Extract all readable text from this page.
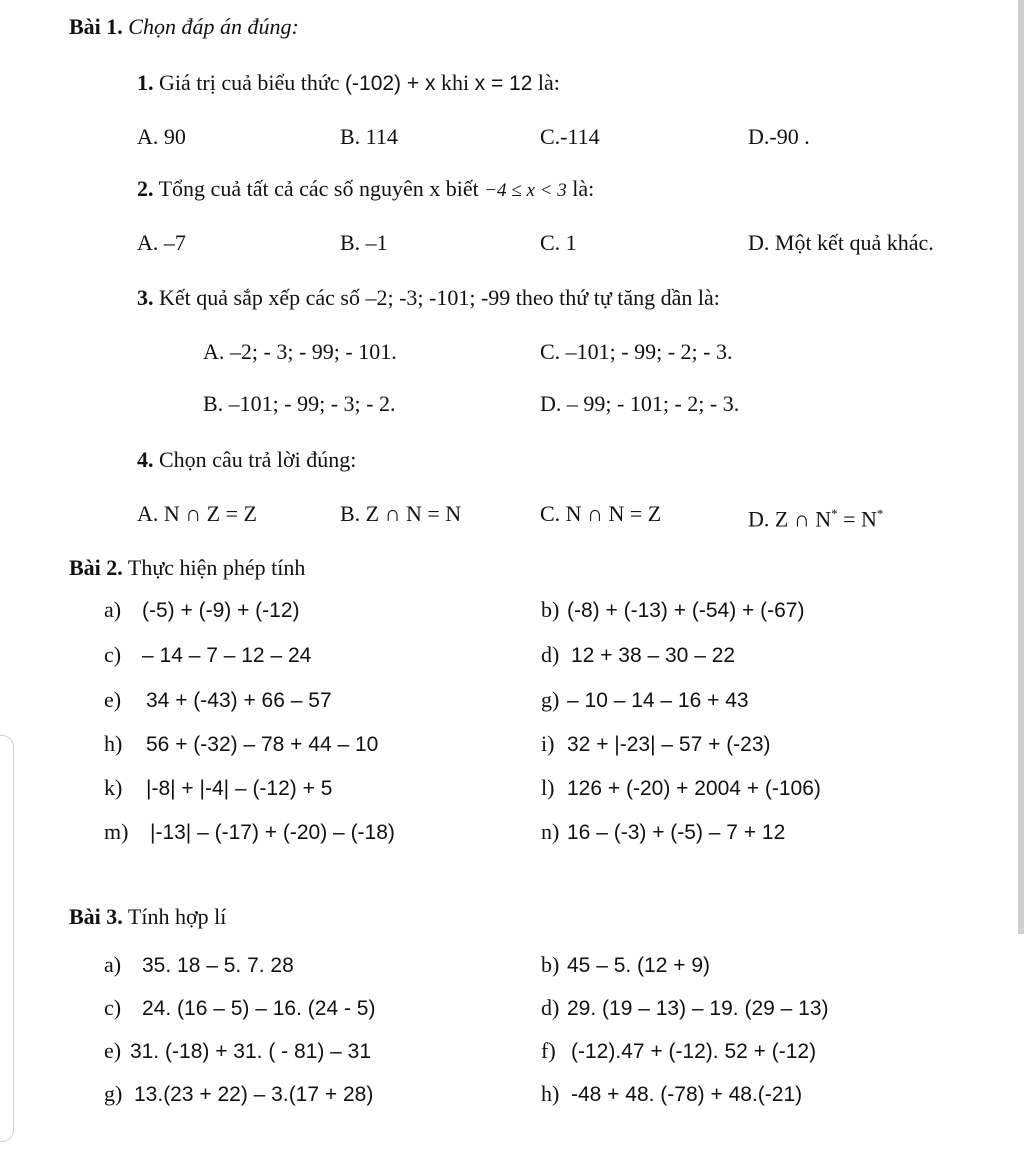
Bài 1. Chọn đáp án đúng:
1. Giá trị cuả biểu thức (-102) + x khi x = 12 là:
A. 90	B. 114	C.-114	D.-90 .
2. Tổng cuả tất cả các số nguyên x biết −4 ≤ x < 3 là:
A. –7	B. –1	C. 1	D. Một kết quả khác.
3. Kết quả sắp xếp các số –2; -3; -101; -99 theo thứ tự tăng dần là:
A. –2; - 3; - 99; - 101.	C. –101; - 99; - 2; - 3.
B. –101; - 99; - 3; - 2.	D. – 99; - 101; - 2; - 3.
4. Chọn câu trả lời đúng:
A. N ∩ Z = Z	B. Z ∩ N = N	C. N ∩ N = Z	D. Z ∩ N* = N*
Bài 2. Thực hiện phép tính
a) (-5) + (-9) + (-12)	b) (-8) + (-13) + (-54) + (-67)
c) – 14 – 7 – 12 – 24	d) 12 + 38 – 30 – 22
e) 34 + (-43) + 66 – 57	g) – 10 – 14 – 16 + 43
h) 56 + (-32) – 78 + 44 – 10	i) 32 + |-23| – 57 + (-23)
k) |-8| + |-4| – (-12) + 5	l) 126 + (-20) + 2004 + (-106)
m) |-13| – (-17) + (-20) – (-18)	n) 16 – (-3) + (-5) – 7 + 12
Bài 3. Tính hợp lí
a) 35. 18 – 5. 7. 28	b) 45 – 5. (12 + 9)
c) 24. (16 – 5) – 16. (24 - 5)	d) 29. (19 – 13) – 19. (29 – 13)
e) 31. (-18) + 31. ( - 81) – 31	f) (-12).47 + (-12). 52 + (-12)
g) 13.(23 + 22) – 3.(17 + 28)	h) -48 + 48. (-78) + 48.(-21)
